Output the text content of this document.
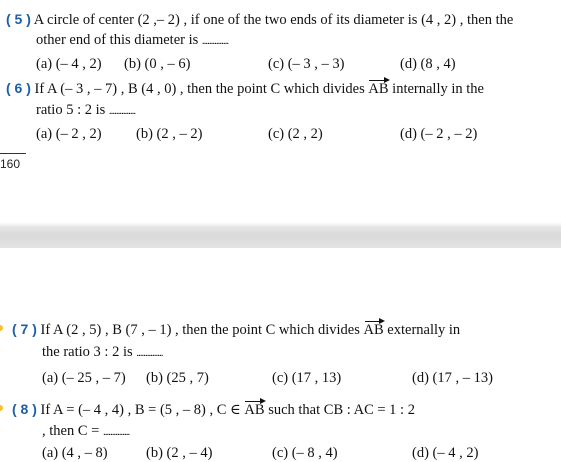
( 5 ) A circle of center (2 ,– 2) , if one of the two ends of its diameter is (4 , 2) , then the
other end of this diameter is ...............
(a) (– 4 , 2) (b) (0 , – 6)	(c) (– 3 , – 3)	(d) (8 , 4)
( 6 ) If A (– 3 , – 7) , B (4 , 0) , then the point C which divides AB internally in the
ratio 5 : 2 is ...............
(a) (– 2 , 2) (b) (2 , – 2)	(c) (2 , 2)	(d) (– 2 , – 2)
160
( 7 ) If A (2 , 5) , B (7 , – 1) , then the point C which divides AB externally in
the ratio 3 : 2 is ...............
(a) (– 25 , – 7) (b) (25 , 7)	(c) (17 , 13)	(d) (17 , – 13)
( 8 ) If A = (– 4 , 4) , B = (5 , – 8) , C ∈ AB such that CB : AC = 1 : 2
, then C = ...............
(a) (4 , – 8)	(b) (2 , – 4)	(c) (– 8 , 4)	(d) (– 4 , 2)
